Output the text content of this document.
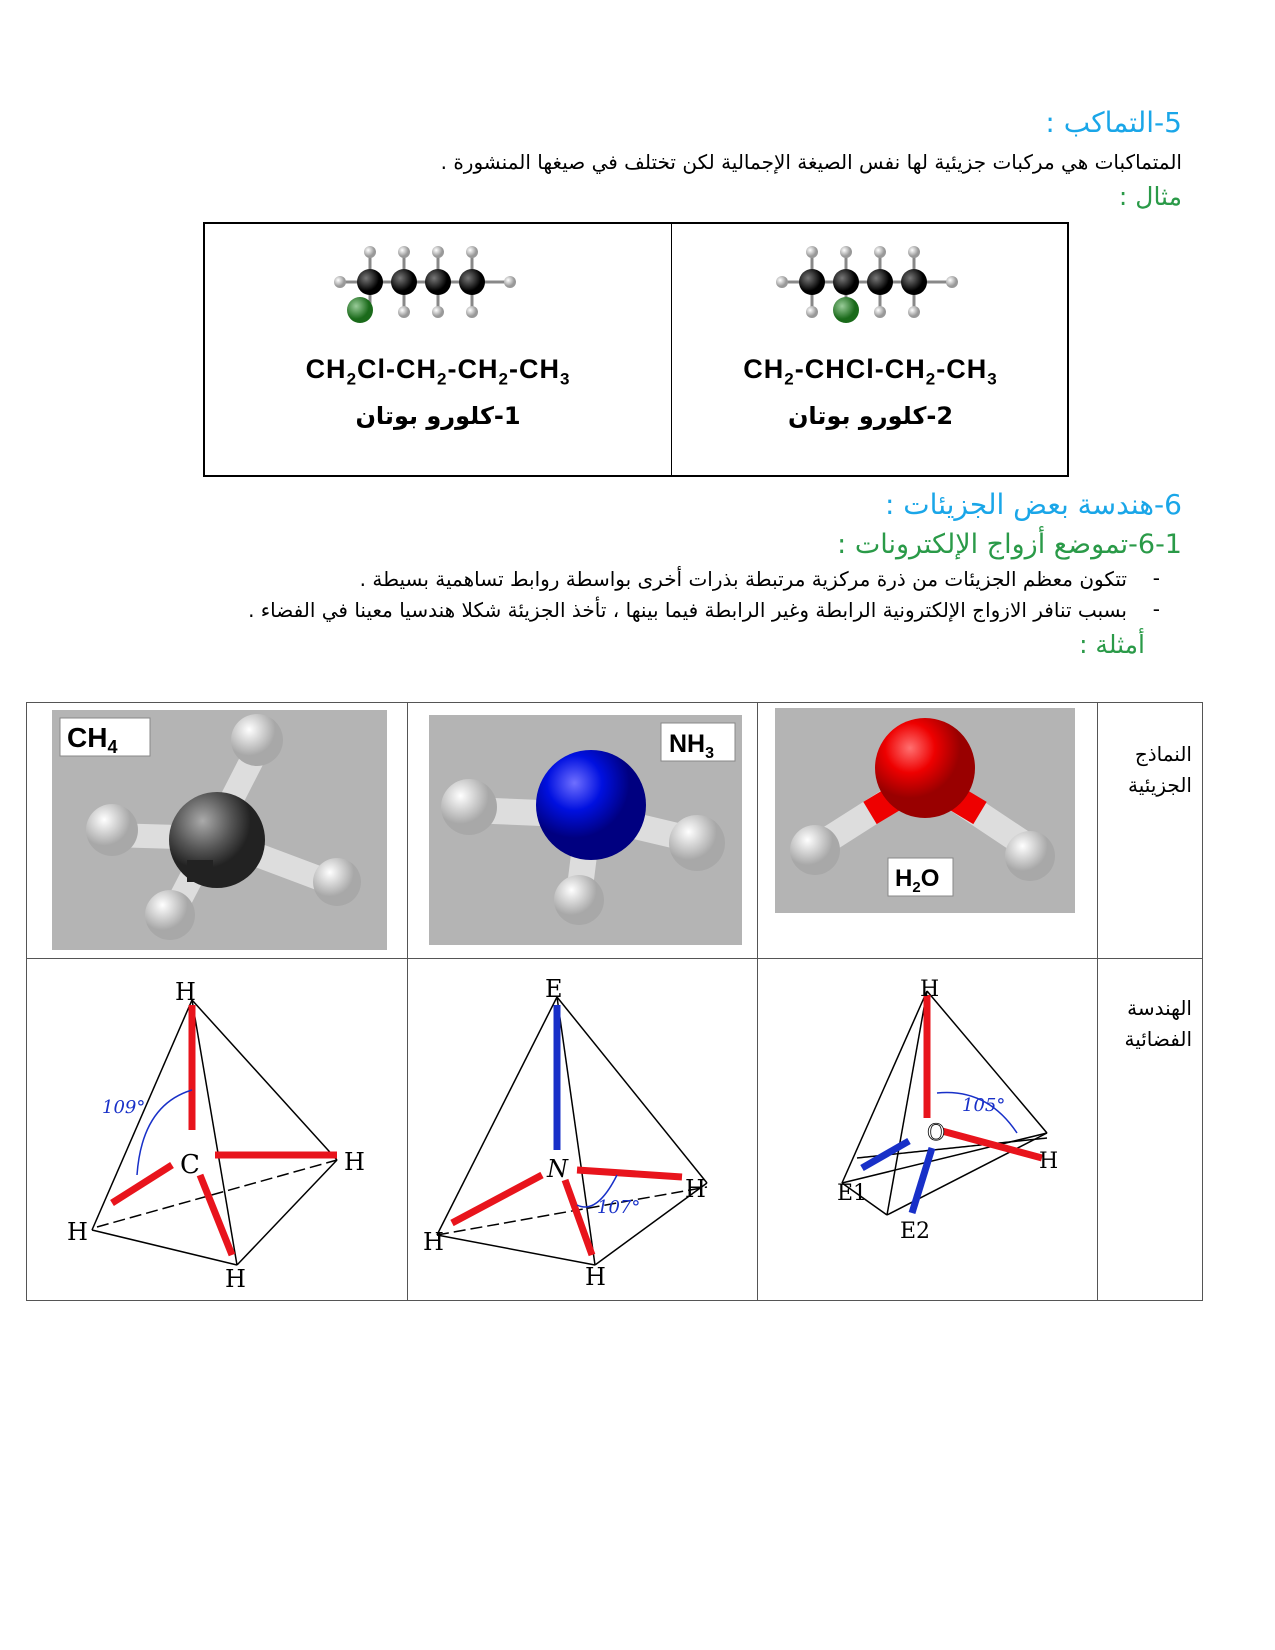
5-التماكب :
المتماكبات هي مركبات جزيئية لها نفس الصيغة الإجمالية لكن تختلف في صيغها المنشورة .
مثال :
$CH_2Cl-CH_2-CH_2-CH_3$
1-كلورو بوتان
$CH_2-CHCl-CH_2-CH_3$
2-كلورو بوتان
6-هندسة بعض الجزيئات :
6-1-تموضع أزواج الإلكترونات :
-
تتكون معظم الجزيئات من ذرة مركزية مرتبطة بذرات أخرى بواسطة روابط تساهمية بسيطة .
-
بسبب تنافر الازواج الإلكترونية الرابطة وغير الرابطة فيما بينها ، تأخذ الجزيئة شكلا هندسيا معينا في الفضاء .
أمثلة :
النماذج الجزيئية
الهندسة الفضائية
$H_2O$
$NH_3$
$CH_4$
105°
H
O
H
E1
E2
107°
E
N
H
H
H
109°
H
C	H
H
H
